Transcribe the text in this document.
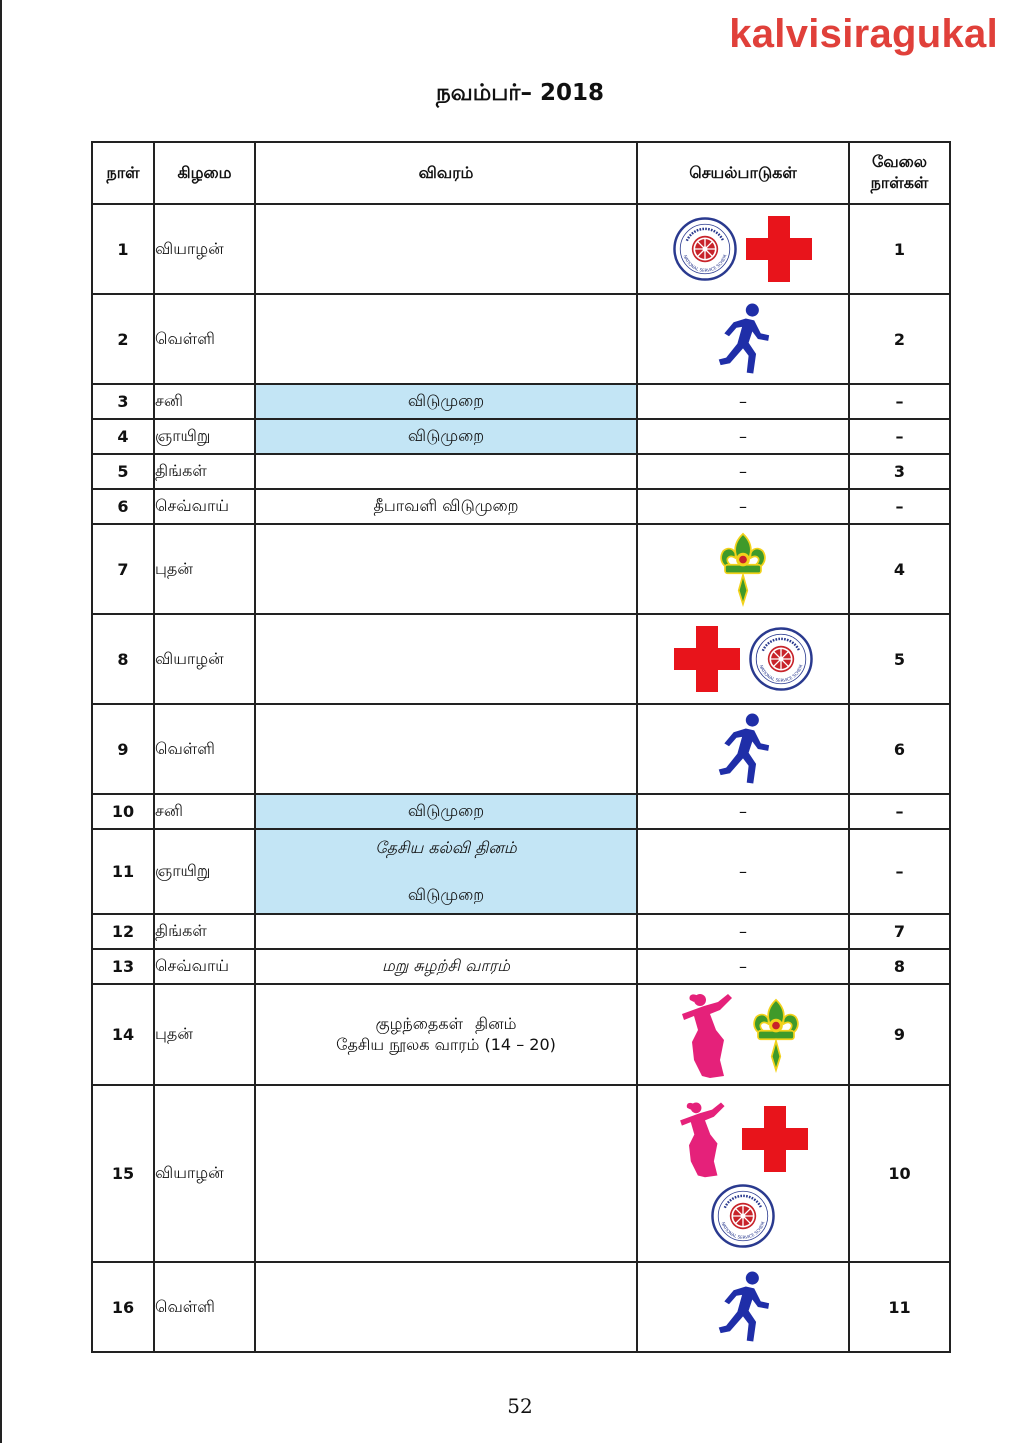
kalvisiragukal
நவம்பர்– 2018
நாள்	கிழமை	விவரம்	செயல்பாடுகள்	வேலை
நாள்கள்
1	வியாழன்			1
2	வெள்ளி			2
3	சனி	விடுமுறை	–	–
4	ஞாயிறு	விடுமுறை	–	–
5	திங்கள்		–	3
6	செவ்வாய்	தீபாவளி விடுமுறை	–	–
7	புதன்			4
8	வியாழன்			5
9	வெள்ளி			6
10	சனி	விடுமுறை	–	–
11	ஞாயிறு	தேசிய கல்வி தினம்
விடுமுறை	–	–
12	திங்கள்		–	7
13	செவ்வாய்	மறு சுழற்சி வாரம்	–	8
14	புதன்	குழந்தைகள் தினம்
தேசிய நூலக வாரம் (14 – 20)		9
15	வியாழன்			10
16	வெள்ளி			11
52
